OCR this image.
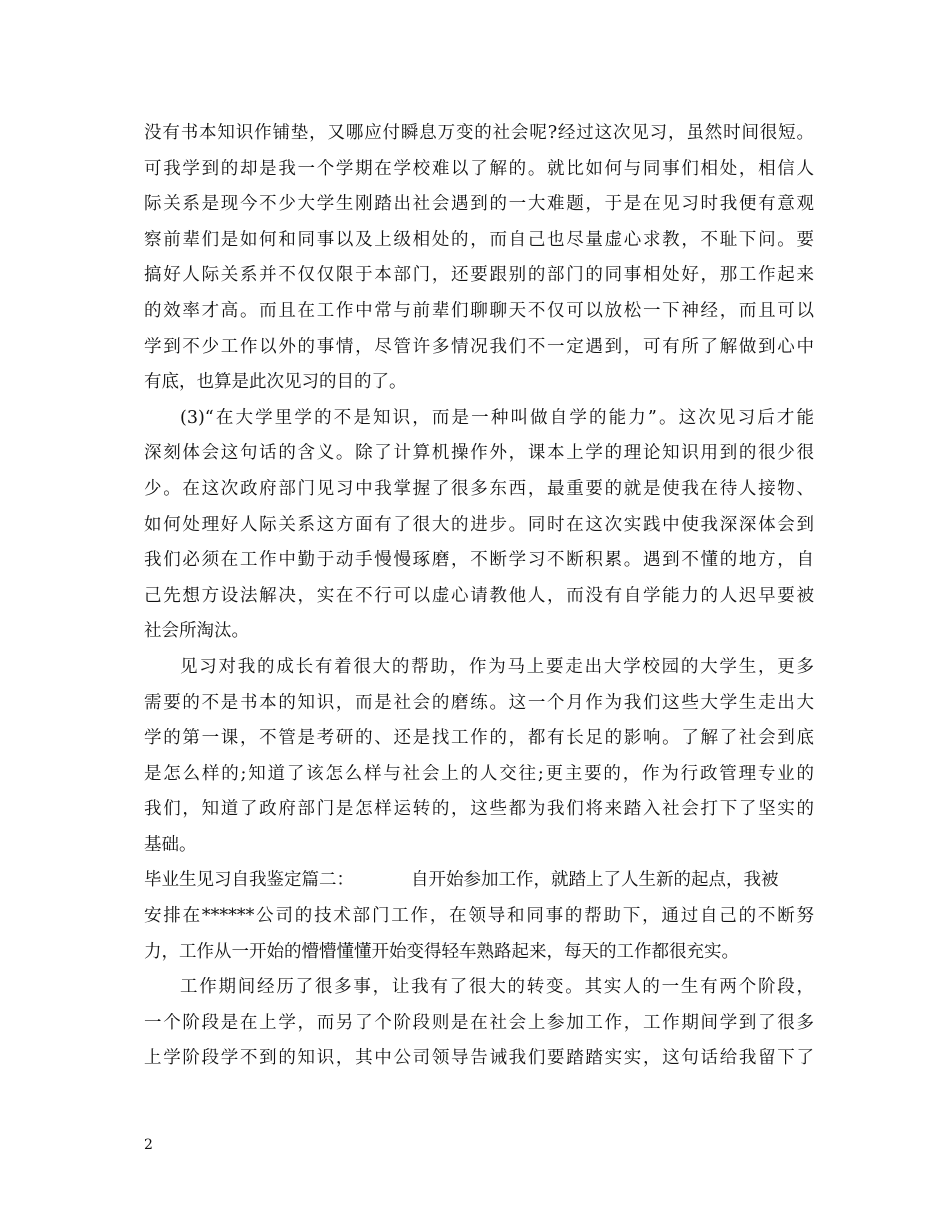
没有书本知识作铺垫，又哪应付瞬息万变的社会呢?经过这次见习，虽然时间很短。
可我学到的却是我一个学期在学校难以了解的。就比如何与同事们相处，相信人
际关系是现今不少大学生刚踏出社会遇到的一大难题，于是在见习时我便有意观
察前辈们是如何和同事以及上级相处的，而自己也尽量虚心求教，不耻下问。要
搞好人际关系并不仅仅限于本部门，还要跟别的部门的同事相处好，那工作起来
的效率才高。而且在工作中常与前辈们聊聊天不仅可以放松一下神经，而且可以
学到不少工作以外的事情，尽管许多情况我们不一定遇到，可有所了解做到心中
有底，也算是此次见习的目的了。
(3)“在大学里学的不是知识，而是一种叫做自学的能力”。这次见习后才能
深刻体会这句话的含义。除了计算机操作外，课本上学的理论知识用到的很少很
少。在这次政府部门见习中我掌握了很多东西，最重要的就是使我在待人接物、
如何处理好人际关系这方面有了很大的进步。同时在这次实践中使我深深体会到
我们必须在工作中勤于动手慢慢琢磨，不断学习不断积累。遇到不懂的地方，自
己先想方设法解决，实在不行可以虚心请教他人，而没有自学能力的人迟早要被
社会所淘汰。
见习对我的成长有着很大的帮助，作为马上要走出大学校园的大学生，更多
需要的不是书本的知识，而是社会的磨练。这一个月作为我们这些大学生走出大
学的第一课，不管是考研的、还是找工作的，都有长足的影响。了解了社会到底
是怎么样的;知道了该怎么样与社会上的人交往;更主要的，作为行政管理专业的
我们，知道了政府部门是怎样运转的，这些都为我们将来踏入社会打下了坚实的
基础。
毕业生见习自我鉴定篇二：	自开始参加工作，就踏上了人生新的起点，我被
安排在******公司的技术部门工作，在领导和同事的帮助下，通过自己的不断努
力，工作从一开始的懵懵懂懂开始变得轻车熟路起来，每天的工作都很充实。
工作期间经历了很多事，让我有了很大的转变。其实人的一生有两个阶段，
一个阶段是在上学，而另了个阶段则是在社会上参加工作，工作期间学到了很多
上学阶段学不到的知识，其中公司领导告诫我们要踏踏实实，这句话给我留下了
2
